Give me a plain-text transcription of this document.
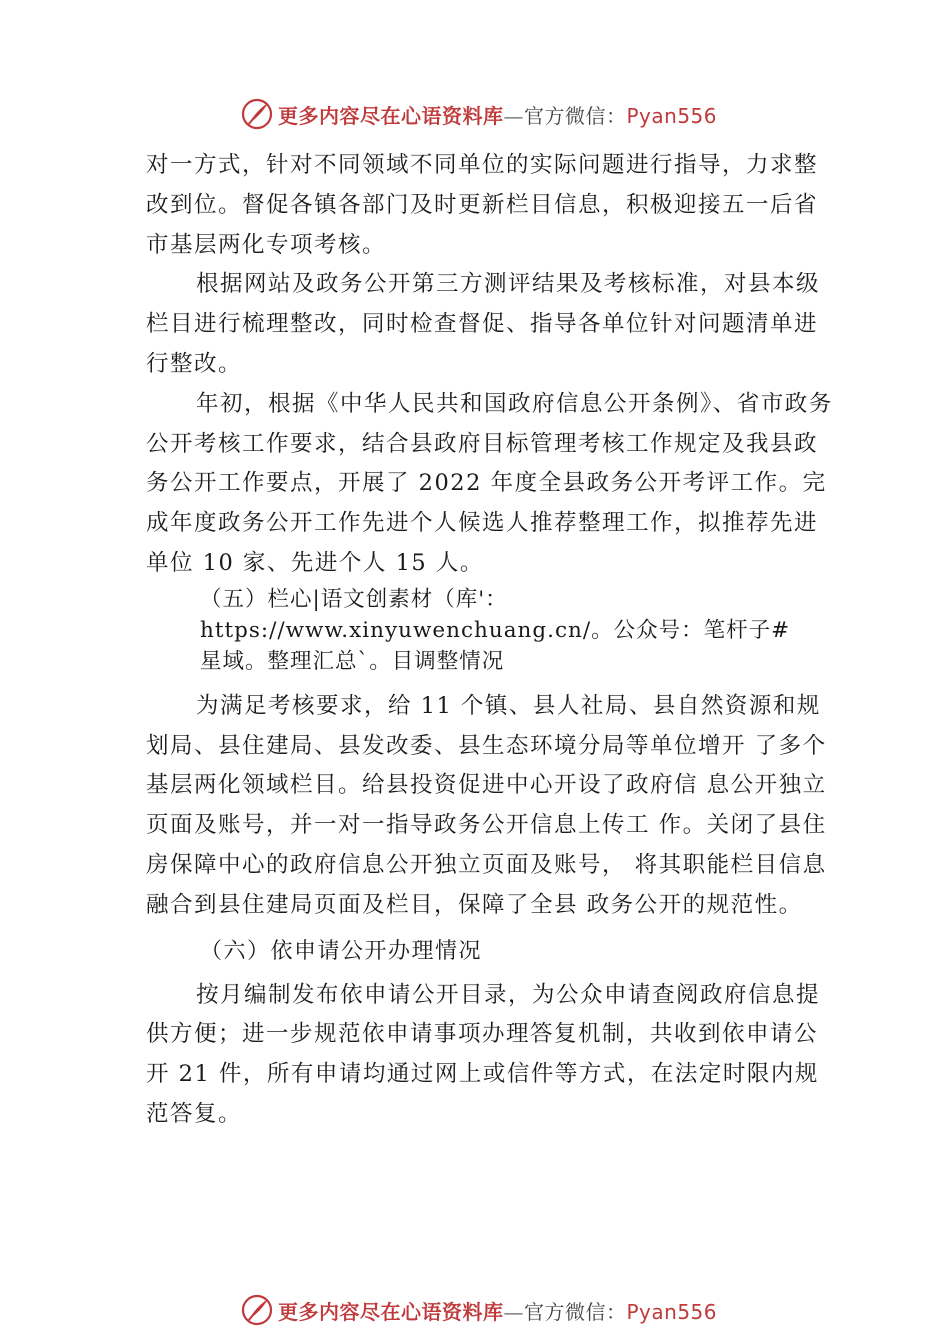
更多内容尽在心语资料库—官方微信：Pyan556

对一方式，针对不同领域不同单位的实际问题进行指导，力求整改到位。督促各镇各部门及时更新栏目信息，积极迎接五一后省市基层两化专项考核。

根据网站及政务公开第三方测评结果及考核标准，对县本级栏目进行梳理整改，同时检查督促、指导各单位针对问题清单进行整改。

年初，根据《中华人民共和国政府信息公开条例》、省市政务公开考核工作要求，结合县政府目标管理考核工作规定及我县政务公开工作要点，开展了 2022 年度全县政务公开考评工作。完成年度政务公开工作先进个人候选人推荐整理工作，拟推荐先进单位 10 家、先进个人 15 人。

（五）栏心|语文创素材（库'：https://www.xinyuwenchuang.cn/。公众号：笔杆子#星域。整理汇总`。目调整情况

为满足考核要求，给 11 个镇、县人社局、县自然资源和规划局、县住建局、县发改委、县生态环境分局等单位增开 了多个基层两化领域栏目。给县投资促进中心开设了政府信 息公开独立页面及账号，并一对一指导政务公开信息上传工 作。关闭了县住房保障中心的政府信息公开独立页面及账号， 将其职能栏目信息融合到县住建局页面及栏目，保障了全县 政务公开的规范性。

（六）依申请公开办理情况

按月编制发布依申请公开目录，为公众申请查阅政府信息提供方便；进一步规范依申请事项办理答复机制，共收到依申请公开 21 件，所有申请均通过网上或信件等方式，在法定时限内规范答复。

更多内容尽在心语资料库—官方微信：Pyan556
